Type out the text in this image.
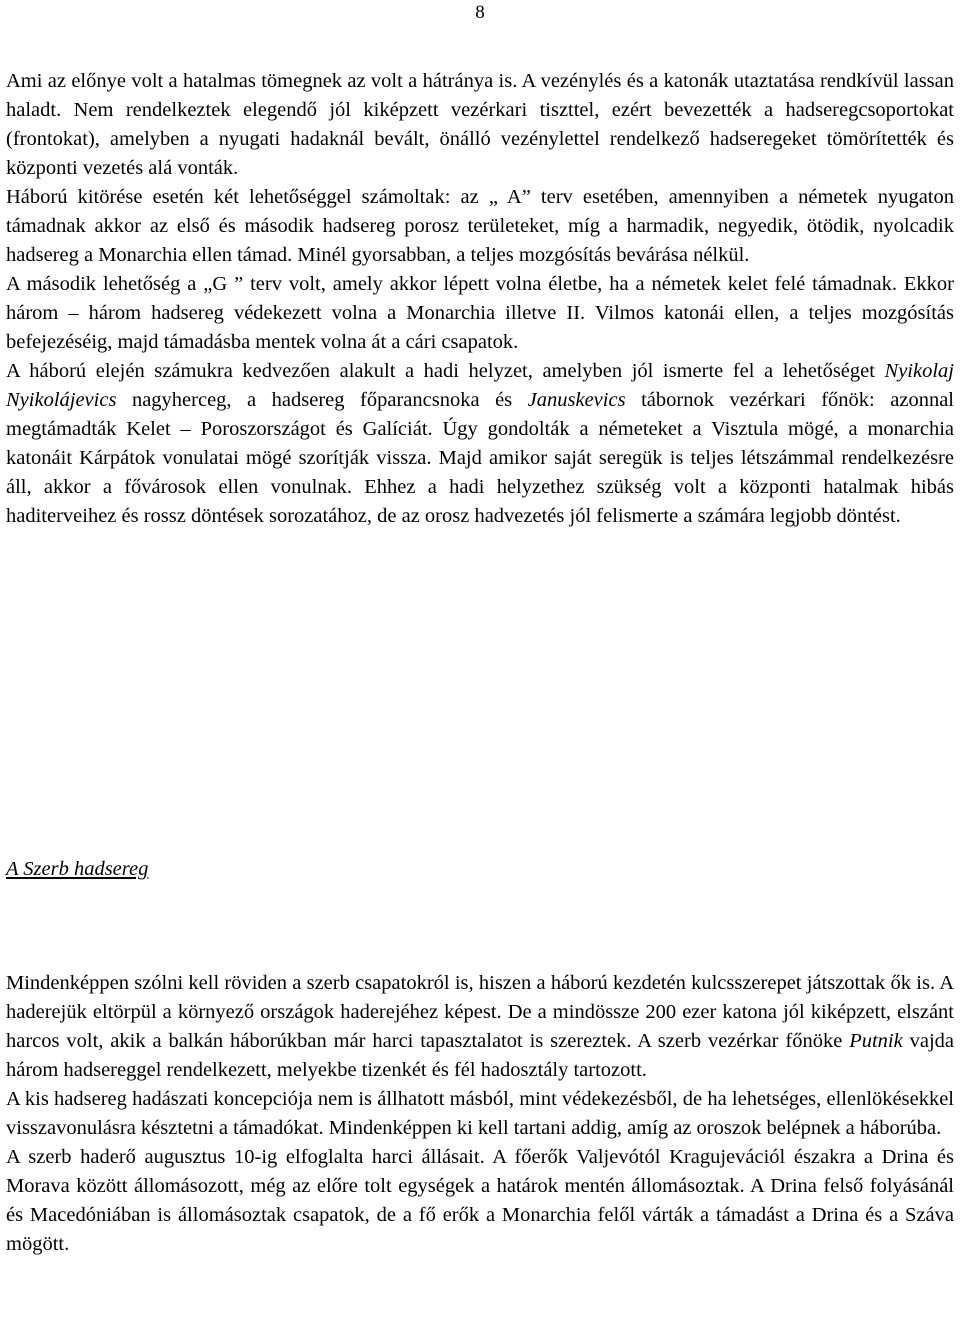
8

Ami az előnye volt a hatalmas tömegnek az volt a hátránya is. A vezénylés és a katonák utaztatása rendkívül lassan haladt. Nem rendelkeztek elegendő jól kiképzett vezérkari tiszttel, ezért bevezették a hadseregcsoportokat (frontokat), amelyben a nyugati hadaknál bevált, önálló vezénylettel rendelkező hadseregeket tömörítették és központi vezetés alá vonták.

Háború kitörése esetén két lehetőséggel számoltak: az „ A” terv esetében, amennyiben a németek nyugaton támadnak akkor az első és második hadsereg porosz területeket, míg a harmadik, negyedik, ötödik, nyolcadik hadsereg a Monarchia ellen támad. Minél gyorsabban, a teljes mozgósítás bevárása nélkül.

A második lehetőség a „G ” terv volt, amely akkor lépett volna életbe, ha a németek kelet felé támadnak. Ekkor három – három hadsereg védekezett volna a Monarchia illetve II. Vilmos katonái ellen, a teljes mozgósítás befejezéséig, majd támadásba mentek volna át a cári csapatok.

A háború elején számukra kedvezően alakult a hadi helyzet, amelyben jól ismerte fel a lehetőséget Nyikolaj Nyikolájevics nagyherceg, a hadsereg főparancsnoka és Januskevics tábornok vezérkari főnök: azonnal megtámadták Kelet – Poroszországot és Galíciát. Úgy gondolták a németeket a Visztula mögé, a monarchia katonáit Kárpátok vonulatai mögé szorítják vissza. Majd amikor saját seregük is teljes létszámmal rendelkezésre áll, akkor a fővárosok ellen vonulnak. Ehhez a hadi helyzethez szükség volt a központi hatalmak hibás haditerveihez és rossz döntések sorozatához, de az orosz hadvezetés jól felismerte a számára legjobb döntést.

A Szerb hadsereg

Mindenképpen szólni kell röviden a szerb csapatokról is, hiszen a háború kezdetén kulcsszerepet játszottak ők is. A haderejük eltörpül a környező országok haderejéhez képest. De a mindössze 200 ezer katona jól kiképzett, elszánt harcos volt, akik a balkán háborúkban már harci tapasztalatot is szereztek. A szerb vezérkar főnöke Putnik vajda három hadsereggel rendelkezett, melyekbe tizenkét és fél hadosztály tartozott.

A kis hadsereg hadászati koncepciója nem is állhatott másból, mint védekezésből, de ha lehetséges, ellenlökésekkel visszavonulásra késztetni a támadókat. Mindenképpen ki kell tartani addig, amíg az oroszok belépnek a háborúba.

A szerb haderő augusztus 10-ig elfoglalta harci állásait. A főerők Valjevótól Kragujevációl északra a Drina és Morava között állomásozott, még az előre tolt egységek a határok mentén állomásoztak. A Drina felső folyásánál és Macedóniában is állomásoztak csapatok, de a fő erők a Monarchia felől várták a támadást a Drina és a Száva mögött.
